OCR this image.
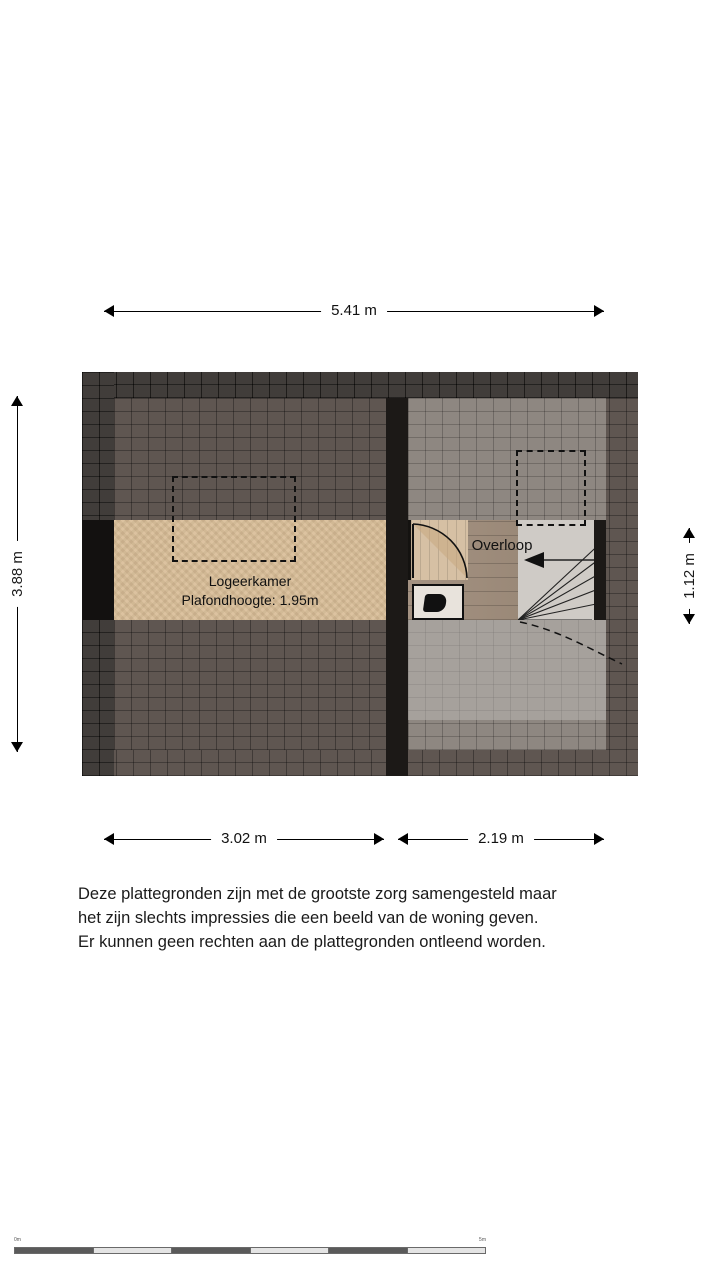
5.41 m
3.88 m	1.12 m
Logeerkamer
Plafondhoogte: 1.95m
Overloop
3.02 m	2.19 m

Deze plattegronden zijn met de grootste zorg samengesteld maar

het zijn slechts impressies die een beeld van de woning geven.

Er kunnen geen rechten aan de plattegronden ontleend worden.

0m	5m
